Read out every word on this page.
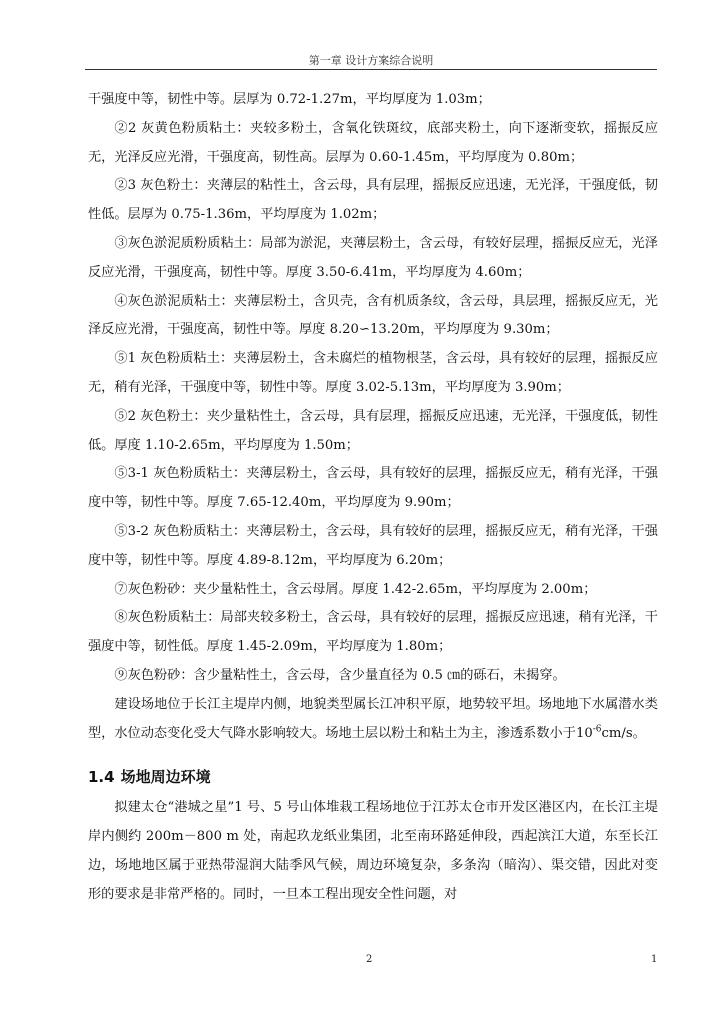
第一章 设计方案综合说明

干强度中等，韧性中等。层厚为 0.72-1.27m，平均厚度为 1.03m；

②2 灰黄色粉质粘土：夹较多粉土，含氧化铁斑纹，底部夹粉土，向下逐渐变软，摇振反应无，光泽反应光滑，干强度高，韧性高。层厚为 0.60-1.45m，平均厚度为 0.80m；

②3 灰色粉土：夹薄层的粘性土，含云母，具有层理，摇振反应迅速，无光泽，干强度低，韧性低。层厚为 0.75-1.36m，平均厚度为 1.02m；

③灰色淤泥质粉质粘土：局部为淤泥，夹薄层粉土，含云母，有较好层理，摇振反应无，光泽反应光滑，干强度高，韧性中等。厚度 3.50-6.41m，平均厚度为 4.60m；

④灰色淤泥质粘土：夹薄层粉土，含贝壳，含有机质条纹，含云母，具层理，摇振反应无，光泽反应光滑，干强度高，韧性中等。厚度 8.20∽13.20m，平均厚度为 9.30m；

⑤1 灰色粉质粘土：夹薄层粉土，含未腐烂的植物根茎，含云母，具有较好的层理，摇振反应无，稍有光泽，干强度中等，韧性中等。厚度 3.02-5.13m，平均厚度为 3.90m；

⑤2 灰色粉土：夹少量粘性土，含云母，具有层理，摇振反应迅速，无光泽，干强度低，韧性低。厚度 1.10-2.65m，平均厚度为 1.50m；

⑤3-1 灰色粉质粘土：夹薄层粉土，含云母，具有较好的层理，摇振反应无，稍有光泽，干强度中等，韧性中等。厚度 7.65-12.40m，平均厚度为 9.90m；

⑤3-2 灰色粉质粘土：夹薄层粉土，含云母，具有较好的层理，摇振反应无，稍有光泽，干强度中等，韧性中等。厚度 4.89-8.12m，平均厚度为 6.20m；

⑦灰色粉砂：夹少量粘性土，含云母屑。厚度 1.42-2.65m，平均厚度为 2.00m；

⑧灰色粉质粘土：局部夹较多粉土，含云母，具有较好的层理，摇振反应迅速，稍有光泽，干强度中等，韧性低。厚度 1.45-2.09m，平均厚度为 1.80m；

⑨灰色粉砂：含少量粘性土，含云母，含少量直径为 0.5 ㎝的砾石，未揭穿。

建设场地位于长江主堤岸内侧，地貌类型属长江冲积平原，地势较平坦。场地地下水属潜水类型，水位动态变化受大气降水影响较大。场地土层以粉土和粘土为主，渗透系数小于$10^{-6}cm/s$。

1.4 场地周边环境

拟建太仓“港城之星”1 号、5 号山体堆栽工程场地位于江苏太仓市开发区港区内，在长江主堤岸内侧约 200m－800 m 处，南起玖龙纸业集团，北至南环路延伸段，西起滨江大道，东至长江边，场地地区属于亚热带湿润大陆季风气候，周边环境复杂，多条沟（暗沟）、渠交错，因此对变形的要求是非常严格的。同时，一旦本工程出现安全性问题，对

2	1
